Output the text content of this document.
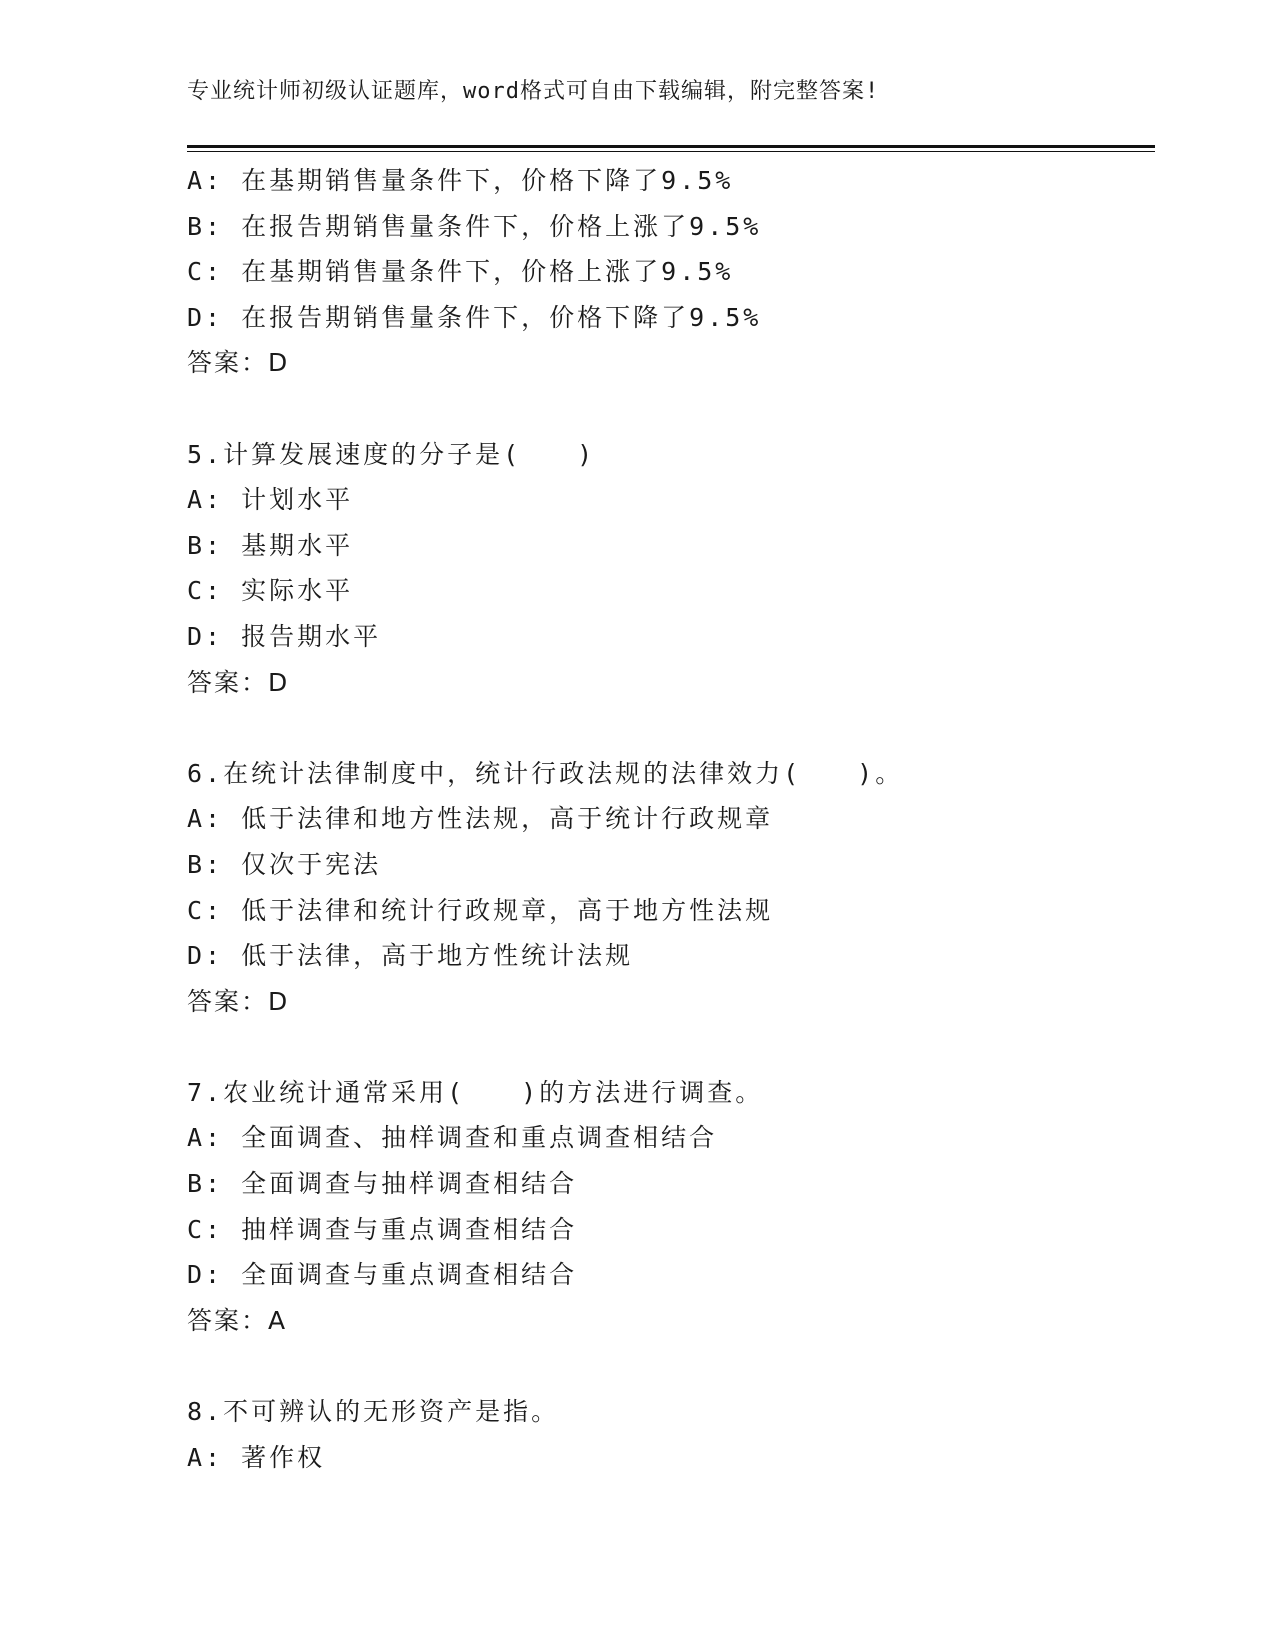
专业统计师初级认证题库，word格式可自由下载编辑，附完整答案!
A: 在基期销售量条件下，价格下降了9.5%
B: 在报告期销售量条件下，价格上涨了9.5%
C: 在基期销售量条件下，价格上涨了9.5%
D: 在报告期销售量条件下，价格下降了9.5%
答案：D
5.计算发展速度的分子是(　　)
A: 计划水平
B: 基期水平
C: 实际水平
D: 报告期水平
答案：D
6.在统计法律制度中，统计行政法规的法律效力(　　)。
A: 低于法律和地方性法规，高于统计行政规章
B: 仅次于宪法
C: 低于法律和统计行政规章，高于地方性法规
D: 低于法律，高于地方性统计法规
答案：D
7.农业统计通常采用(　　)的方法进行调查。
A: 全面调查、抽样调查和重点调查相结合
B: 全面调查与抽样调查相结合
C: 抽样调查与重点调查相结合
D: 全面调查与重点调查相结合
答案：A
8.不可辨认的无形资产是指。
A: 著作权
